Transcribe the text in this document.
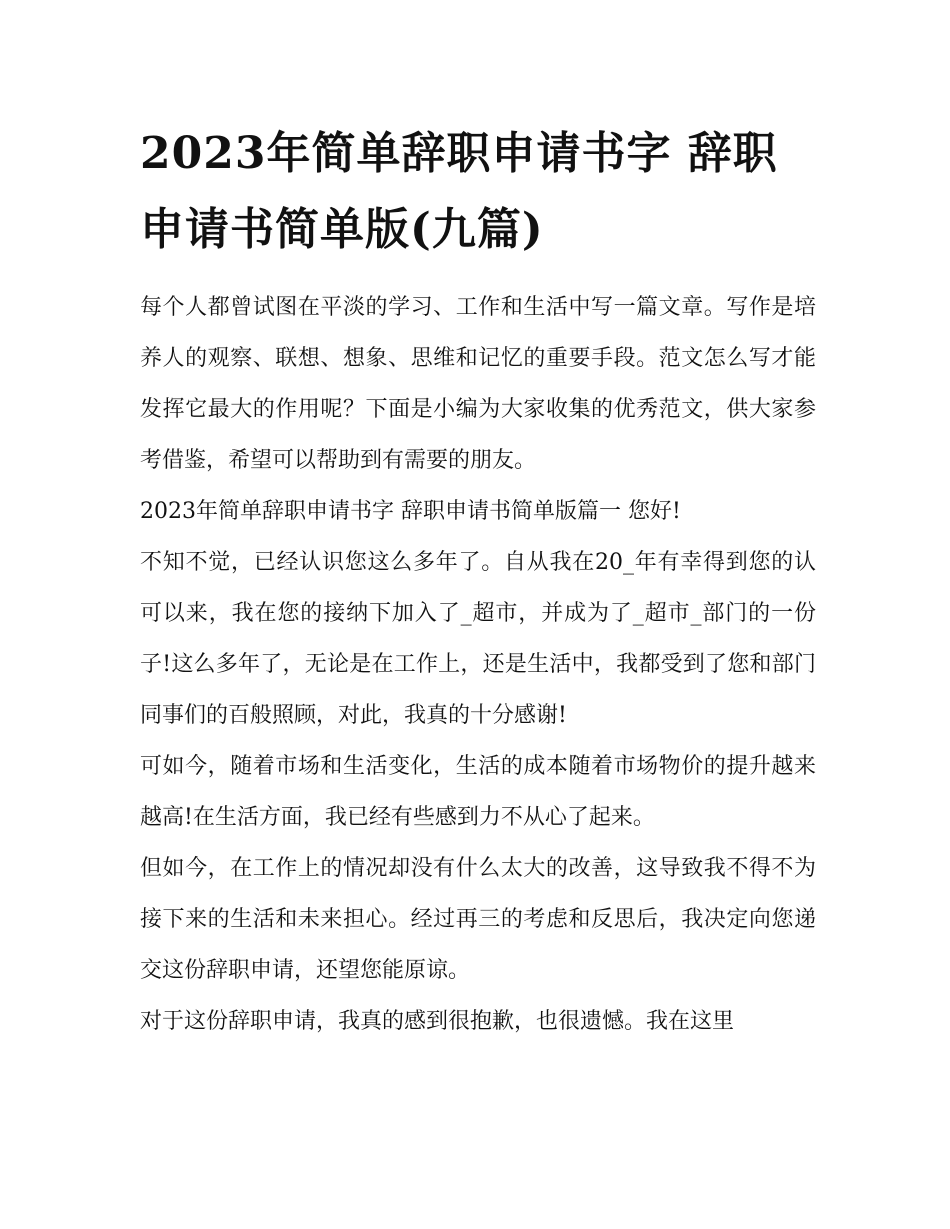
2023年简单辞职申请书字 辞职申请书简单版(九篇)

每个人都曾试图在平淡的学习、工作和生活中写一篇文章。写作是培养人的观察、联想、想象、思维和记忆的重要手段。范文怎么写才能发挥它最大的作用呢？下面是小编为大家收集的优秀范文，供大家参考借鉴，希望可以帮助到有需要的朋友。

2023年简单辞职申请书字 辞职申请书简单版篇一 您好!

不知不觉，已经认识您这么多年了。自从我在20_年有幸得到您的认可以来，我在您的接纳下加入了_超市，并成为了_超市_部门的一份子!这么多年了，无论是在工作上，还是生活中，我都受到了您和部门同事们的百般照顾，对此，我真的十分感谢!

可如今，随着市场和生活变化，生活的成本随着市场物价的提升越来越高!在生活方面，我已经有些感到力不从心了起来。

但如今，在工作上的情况却没有什么太大的改善，这导致我不得不为接下来的生活和未来担心。经过再三的考虑和反思后，我决定向您递交这份辞职申请，还望您能原谅。

对于这份辞职申请，我真的感到很抱歉，也很遗憾。我在这里
